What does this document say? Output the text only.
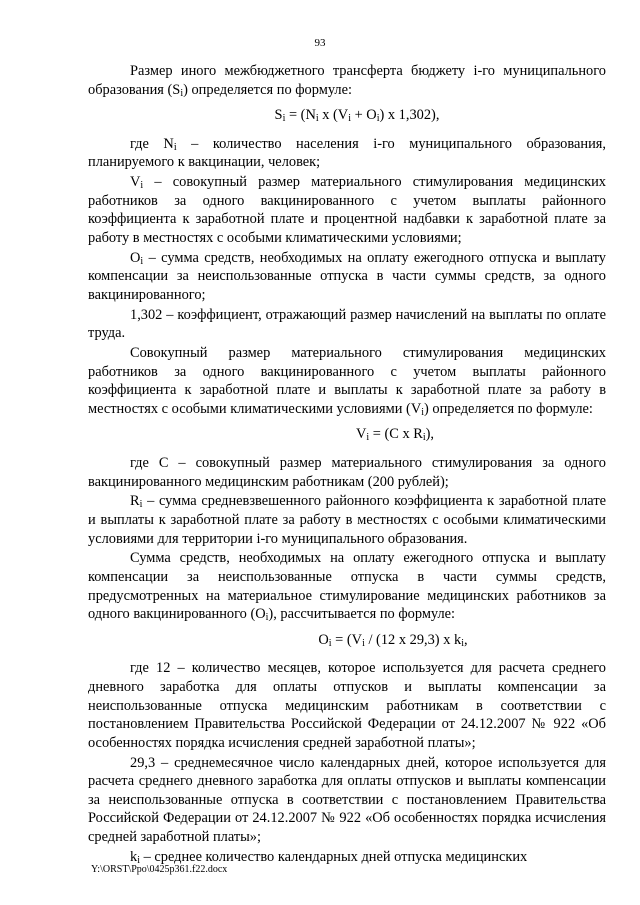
93

Размер иного межбюджетного трансферта бюджету i-го муниципального образования $(S_i)$ определяется по формуле:

$S_i = (N_i$ x $(V_i + O_i)$ x 1,302),

где $N_i$ – количество населения i-го муниципального образования, планируемого к вакцинации, человек;

$V_i$ – совокупный размер материального стимулирования медицинских работников за одного вакцинированного с учетом выплаты районного коэффициента к заработной плате и процентной надбавки к заработной плате за работу в местностях с особыми климатическими условиями;

$O_i$ – сумма средств, необходимых на оплату ежегодного отпуска и выплату компенсации за неиспользованные отпуска в части суммы средств, за одного вакцинированного;

1,302 – коэффициент, отражающий размер начислений на выплаты по оплате труда.

Совокупный размер материального стимулирования медицинских работников за одного вакцинированного с учетом выплаты районного коэффициента к заработной плате и выплаты к заработной плате за работу в местностях с особыми климатическими условиями $(V_i)$ определяется по формуле:

$V_i = (C$ x $R_i$),

где C – совокупный размер материального стимулирования за одного вакцинированного медицинским работникам (200 рублей);

$R_i$ – сумма средневзвешенного районного коэффициента к заработной плате и выплаты к заработной плате за работу в местностях с особыми климатическими условиями для территории i-го муниципального образования.

Сумма средств, необходимых на оплату ежегодного отпуска и выплату компенсации за неиспользованные отпуска в части суммы средств, предусмотренных на материальное стимулирование медицинских работников за одного вакцинированного $(O_i)$, рассчитывается по формуле:

$O_i = (V_i / (12$ x 29,3) x $k_i$,

где 12 – количество месяцев, которое используется для расчета среднего дневного заработка для оплаты отпусков и выплаты компенсации за неиспользованные отпуска медицинским работникам в соответствии с постановлением Правительства Российской Федерации от 24.12.2007 № 922 «Об особенностях порядка исчисления средней заработной платы»;

29,3 – среднемесячное число календарных дней, которое используется для расчета среднего дневного заработка для оплаты отпусков и выплаты компенсации за неиспользованные отпуска в соответствии с постановлением Правительства Российской Федерации от 24.12.2007 № 922 «Об особенностях порядка исчисления средней заработной платы»;

$k_i$ – среднее количество календарных дней отпуска медицинских

Y:\ORST\Ppo\0425p361.f22.docx
